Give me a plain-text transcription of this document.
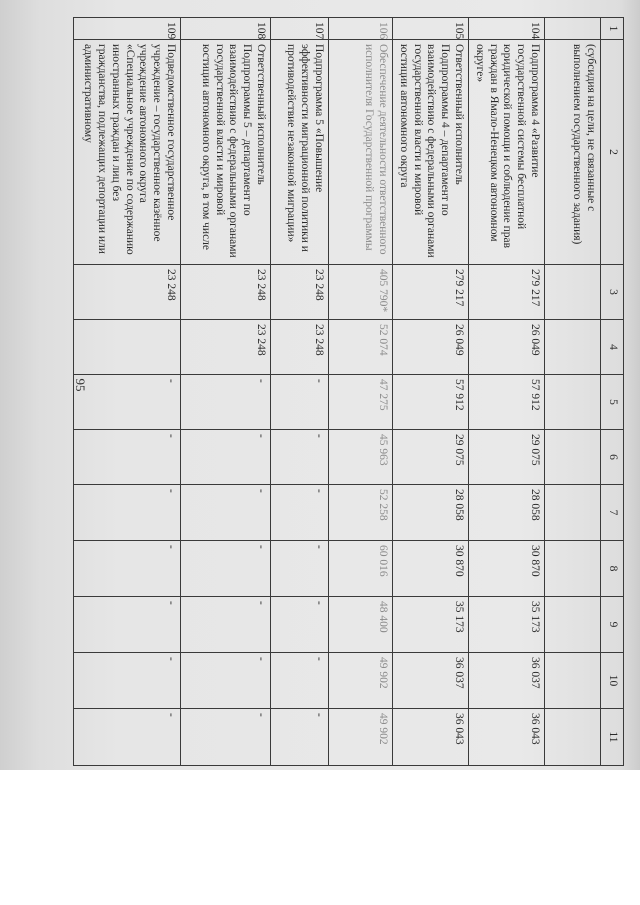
95
1	2	3	4	5	6	7	8	9	10	11
	(субсидия на цели, не связанные с выполнением государственного задания)									
104	Подпрограмма 4 «Развитие государственной системы бесплатной юридической помощи и соблюдение прав граждан в Ямало-Ненецком автономном округе»	279 217	26 049	57 912	29 075	28 058	30 870	35 173	36 037	36 043
105	Ответственный исполнитель Подпрограммы 4 – департамент по взаимодействию с федеральными органами государственной власти и мировой юстиции автономного округа	279 217	26 049	57 912	29 075	28 058	30 870	35 173	36 037	36 043
106	Обеспечение деятельности ответственного исполнителя Государственной программы	405 790*	52 074	47 275	45 963	52 258	60 016	48 400	49 902	49 902
107	Подпрограмма 5 «Повышение эффективности миграционной политики и противодействие незаконной миграции»	23 248	23 248	-	-	-	-	-	-	-
108	Ответственный исполнитель Подпрограммы 5 – департамент по взаимодействию с федеральными органами государственной власти и мировой юстиции автономного округа, в том числе	23 248	23 248	-	-	-	-	-	-	-
109	Подведомственное государственное учреждение – государственное казённое учреждение автономного округа «Специальное учреждение по содержанию иностранных граждан и лиц без гражданства, подлежащих депортации или административному	23 248		-	-	-	-	-	-	-
